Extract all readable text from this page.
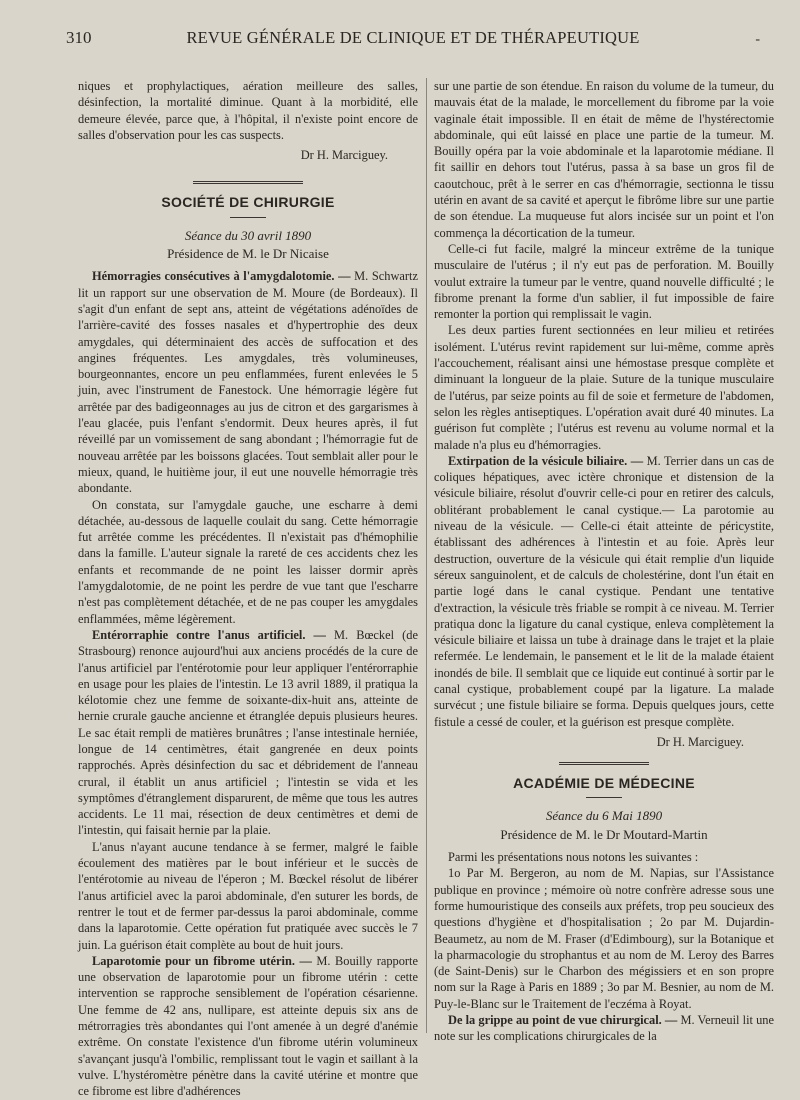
310	REVUE GÉNÉRALE DE CLINIQUE ET DE THÉRAPEUTIQUE	-

niques et prophylactiques, aération meilleure des salles, désinfection, la mortalité diminue. Quant à la morbidité, elle demeure élevée, parce que, à l'hôpital, il n'existe point encore de salles d'observation pour les cas suspects.

Dr H. Marciguey.

SOCIÉTÉ DE CHIRURGIE
Séance du 30 avril 1890
Présidence de M. le Dr Nicaise

Hémorragies consécutives à l'amygdalotomie. — M. Schwartz lit un rapport sur une observation de M. Moure (de Bordeaux). Il s'agit d'un enfant de sept ans, atteint de végétations adénoïdes de l'arrière-cavité des fosses nasales et d'hypertrophie des deux amygdales, qui déterminaient des accès de suffocation et des angines fréquentes. Les amygdales, très volumineuses, bourgeonnantes, encore un peu enflammées, furent enlevées le 5 juin, avec l'instrument de Fanestock. Une hémorragie légère fut arrêtée par des badigeonnages au jus de citron et des gargarismes à l'eau glacée, puis l'enfant s'endormit. Deux heures après, il fut réveillé par un vomissement de sang abondant ; l'hémorragie fut de nouveau arrêtée par les boissons glacées. Tout semblait aller pour le mieux, quand, le huitième jour, il eut une nouvelle hémorragie très abondante.

On constata, sur l'amygdale gauche, une escharre à demi détachée, au-dessous de laquelle coulait du sang. Cette hémorragie fut arrêtée comme les précédentes. Il n'existait pas d'hémophilie dans la famille. L'auteur signale la rareté de ces accidents chez les enfants et recommande de ne point les laisser dormir après l'amygdalotomie, de ne point les perdre de vue tant que l'escharre n'est pas complètement détachée, et de ne pas couper les amygdales enflammées, même légèrement.

Entérorraphie contre l'anus artificiel. — M. Bœckel (de Strasbourg) renonce aujourd'hui aux anciens procédés de la cure de l'anus artificiel par l'entérotomie pour leur appliquer l'entérorraphie en usage pour les plaies de l'intestin. Le 13 avril 1889, il pratiqua la kélotomie chez une femme de soixante-dix-huit ans, atteinte de hernie crurale gauche ancienne et étranglée depuis plusieurs heures. Le sac était rempli de matières brunâtres ; l'anse intestinale herniée, longue de 14 centimètres, était gangrenée en deux points rapprochés. Après désinfection du sac et débridement de l'anneau crural, il établit un anus artificiel ; l'intestin se vida et les symptômes d'étranglement disparurent, de même que tous les autres accidents. Le 11 mai, résection de deux centimètres et demi de l'intestin, qui faisait hernie par la plaie.

L'anus n'ayant aucune tendance à se fermer, malgré le faible écoulement des matières par le bout inférieur et le succès de l'entérotomie au niveau de l'éperon ; M. Bœckel résolut de libérer l'anus artificiel avec la paroi abdominale, d'en suturer les bords, de rentrer le tout et de fermer par-dessus la paroi abdominale, comme dans la laparotomie. Cette opération fut pratiquée avec succès le 7 juin. La guérison était complète au bout de huit jours.

Laparotomie pour un fibrome utérin. — M. Bouilly rapporte une observation de laparotomie pour un fibrome utérin : cette intervention se rapproche sensiblement de l'opération césarienne. Une femme de 42 ans, nullipare, est atteinte depuis six ans de métrorragies très abondantes qui l'ont amenée à un degré d'anémie extrême. On constate l'existence d'un fibrome utérin volumineux s'avançant jusqu'à l'ombilic, remplissant tout le vagin et saillant à la vulve. L'hystéromètre pénètre dans la cavité utérine et montre que ce fibrome est libre d'adhérences

sur une partie de son étendue. En raison du volume de la tumeur, du mauvais état de la malade, le morcellement du fibrome par la voie vaginale était impossible. Il en était de même de l'hystérectomie abdominale, qui eût laissé en place une partie de la tumeur. M. Bouilly opéra par la voie abdominale et la laparotomie médiane. Il fit saillir en dehors tout l'utérus, passa à sa base un gros fil de caoutchouc, prêt à le serrer en cas d'hémorragie, sectionna le tissu utérin en avant de sa cavité et aperçut le fibrôme libre sur une partie de son étendue. La muqueuse fut alors incisée sur un point et l'on commença la décortication de la tumeur.

Celle-ci fut facile, malgré la minceur extrême de la tunique musculaire de l'utérus ; il n'y eut pas de perforation. M. Bouilly voulut extraire la tumeur par le ventre, quand nouvelle difficulté ; le fibrome prenant la forme d'un sablier, il fut impossible de faire remonter la portion qui remplissait le vagin.

Les deux parties furent sectionnées en leur milieu et retirées isolément. L'utérus revint rapidement sur lui-même, comme après l'accouchement, réalisant ainsi une hémostase presque complète et diminuant la longueur de la plaie. Suture de la tunique musculaire de l'utérus, par seize points au fil de soie et fermeture de l'abdomen, selon les règles antiseptiques. L'opération avait duré 40 minutes. La guérison fut complète ; l'utérus est revenu au volume normal et la malade n'a plus eu d'hémorragies.

Extirpation de la vésicule biliaire. — M. Terrier dans un cas de coliques hépatiques, avec ictère chronique et distension de la vésicule biliaire, résolut d'ouvrir celle-ci pour en retirer des calculs, oblitérant probablement le canal cystique.— La parotomie au niveau de la vésicule. — Celle-ci était atteinte de péricystite, établissant des adhérences à l'intestin et au foie. Après leur destruction, ouverture de la vésicule qui était remplie d'un liquide séreux sanguinolent, et de calculs de cholestérine, dont l'un était en partie logé dans le canal cystique. Pendant une tentative d'extraction, la vésicule très friable se rompit à ce niveau. M. Terrier pratiqua donc la ligature du canal cystique, enleva complètement la vésicule biliaire et laissa un tube à drainage dans le trajet et la plaie refermée. Le lendemain, le pansement et le lit de la malade étaient inondés de bile. Il semblait que ce liquide eut continué à sortir par le canal cystique, probablement coupé par la ligature. La malade survécut ; une fistule biliaire se forma. Depuis quelques jours, cette fistule a cessé de couler, et la guérison est presque complète.

Dr H. Marciguey.

ACADÉMIE DE MÉDECINE
Séance du 6 Mai 1890
Présidence de M. le Dr Moutard-Martin

Parmi les présentations nous notons les suivantes :

1o Par M. Bergeron, au nom de M. Napias, sur l'Assistance publique en province ; mémoire où notre confrère adresse sous une forme humouristique des conseils aux préfets, trop peu soucieux des questions d'hygiène et d'hospitalisation ; 2o par M. Dujardin-Beaumetz, au nom de M. Fraser (d'Edimbourg), sur la Botanique et la pharmacologie du strophantus et au nom de M. Leroy des Barres (de Saint-Denis) sur le Charbon des mégissiers et en son propre nom sur la Rage à Paris en 1889 ; 3o par M. Besnier, au nom de M. Puy-le-Blanc sur le Traitement de l'eczéma à Royat.

De la grippe au point de vue chirurgical. — M. Verneuil lit une note sur les complications chirurgicales de la
